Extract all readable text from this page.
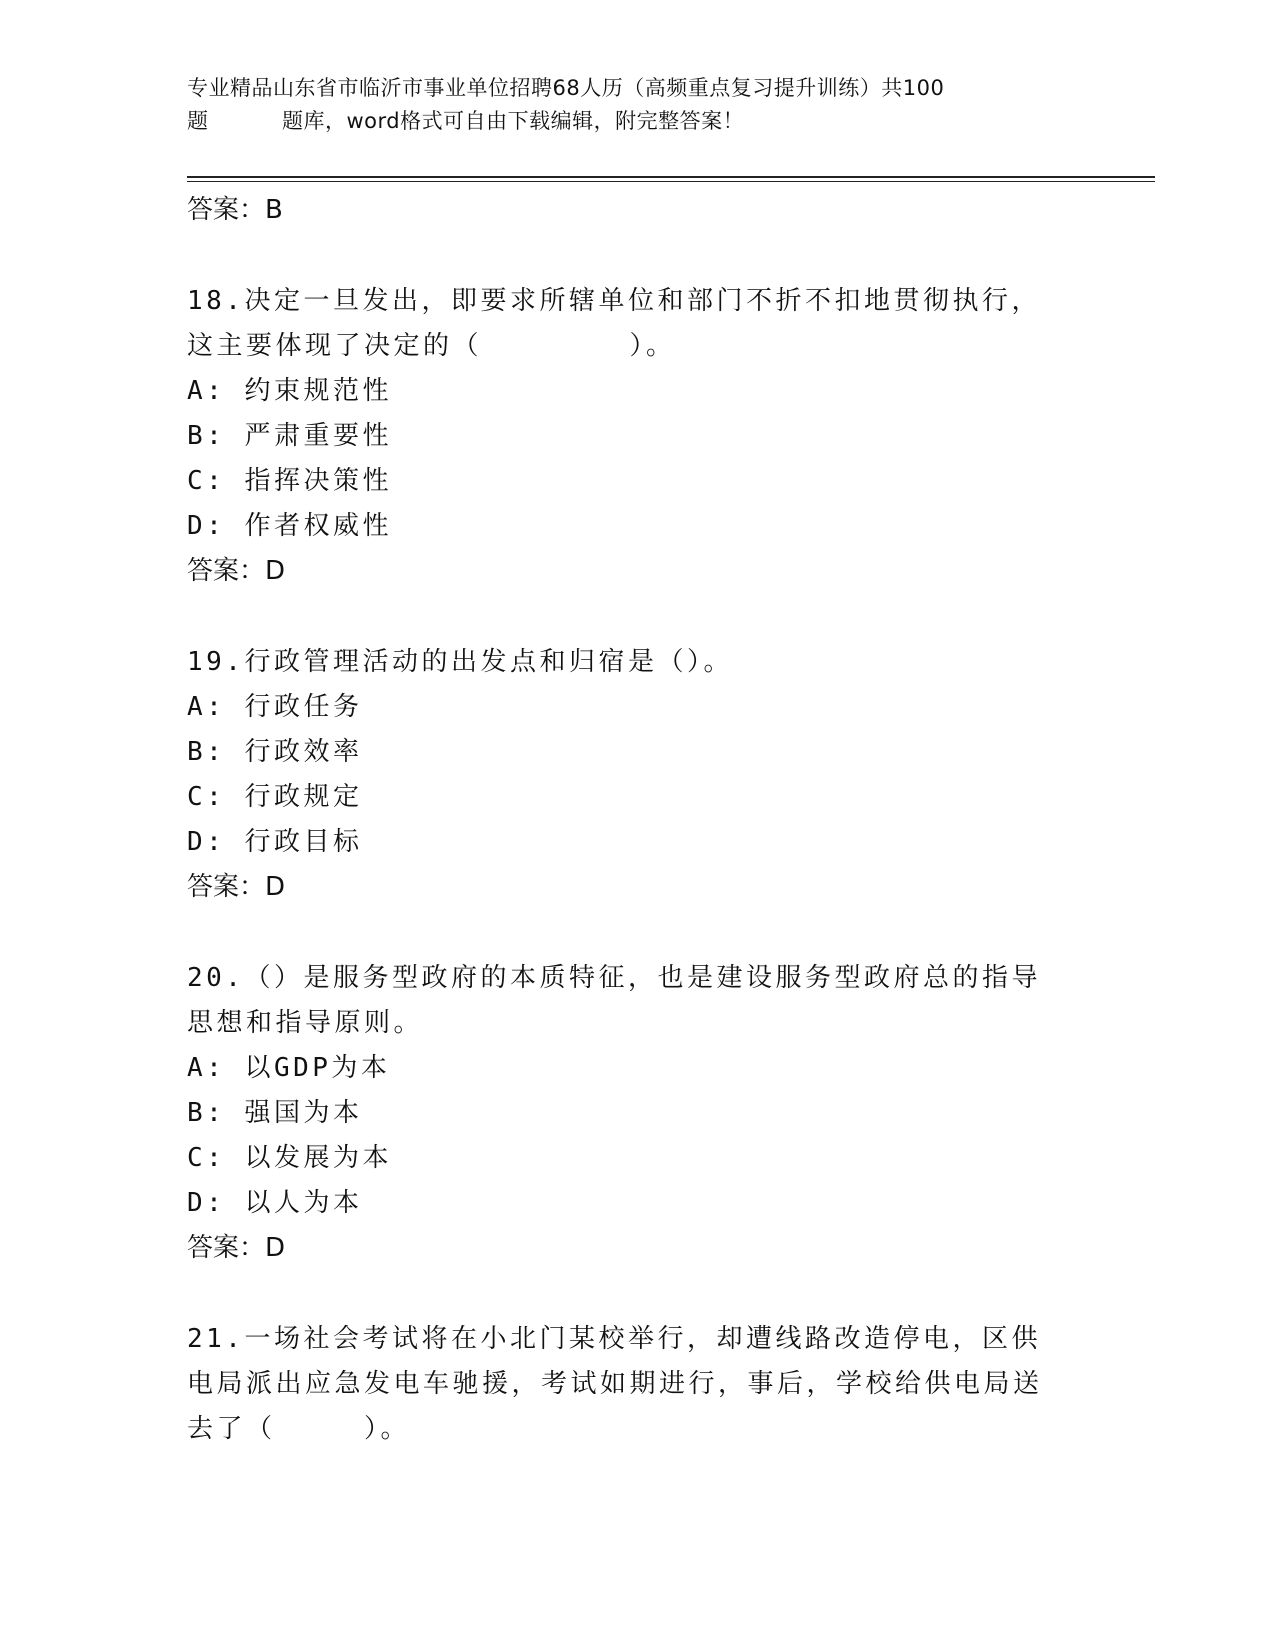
专业精品山东省市临沂市事业单位招聘68人历（高频重点复习提升训练）共100
题	题库，word格式可自由下载编辑，附完整答案！

答案：B

18.决定一旦发出，即要求所辖单位和部门不折不扣地贯彻执行，这主要体现了决定的（　　　　　）。

A: 约束规范性

B: 严肃重要性

C: 指挥决策性

D: 作者权威性

答案：D

19.行政管理活动的出发点和归宿是（）。

A: 行政任务

B: 行政效率

C: 行政规定

D: 行政目标

答案：D

20.（）是服务型政府的本质特征，也是建设服务型政府总的指导思想和指导原则。

A: 以GDP为本

B: 强国为本

C: 以发展为本

D: 以人为本

答案：D

21.一场社会考试将在小北门某校举行，却遭线路改造停电，区供电局派出应急发电车驰援，考试如期进行，事后，学校给供电局送去了（　　　）。
